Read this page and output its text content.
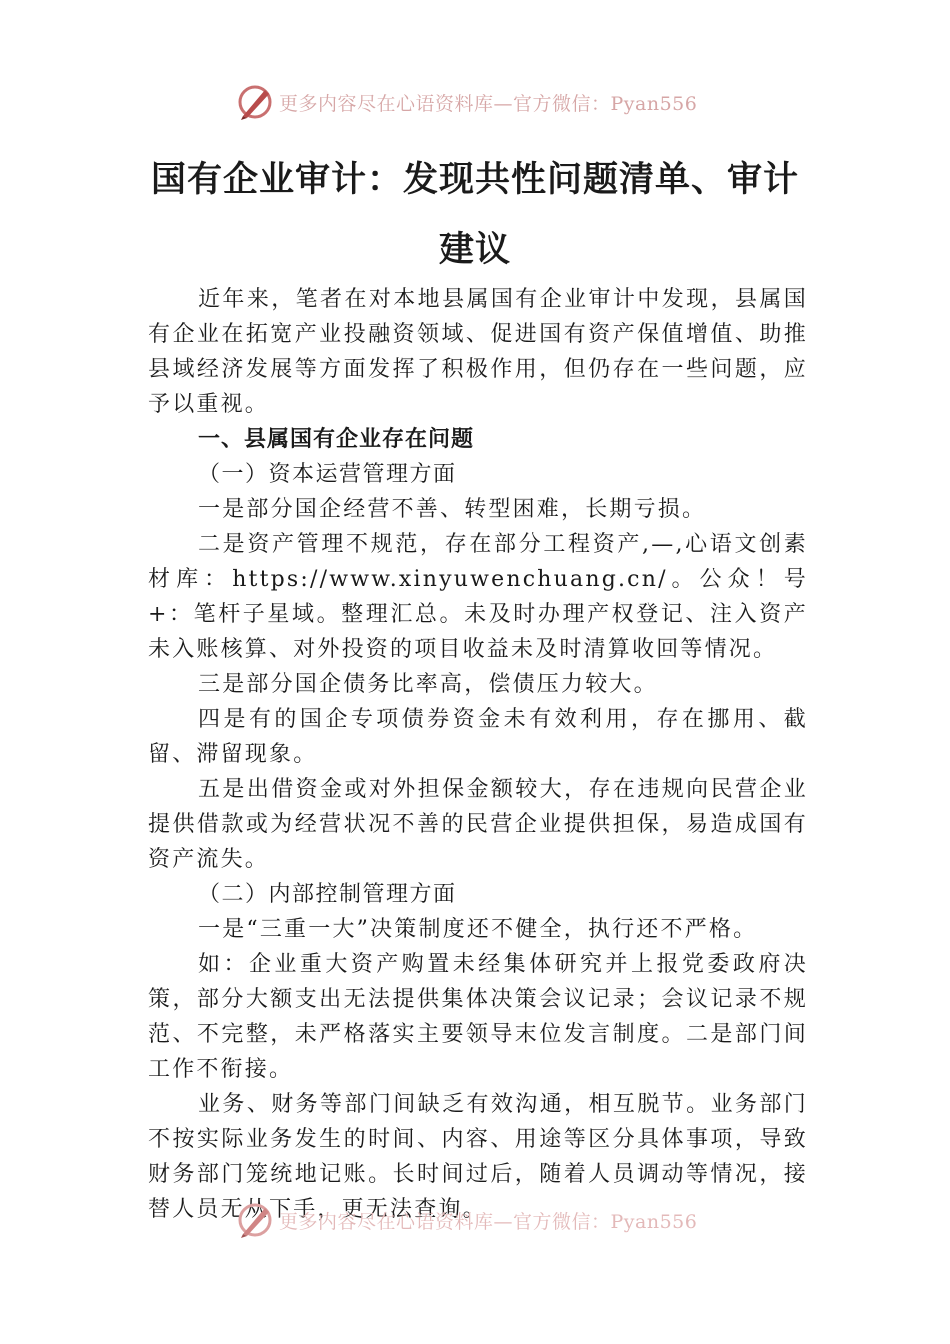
更多内容尽在心语资料库—官方微信：Pyan556
国有企业审计：发现共性问题清单、审计
建议

近年来，笔者在对本地县属国有企业审计中发现，县属国有企业在拓宽产业投融资领域、促进国有资产保值增值、助推县域经济发展等方面发挥了积极作用，但仍存在一些问题，应予以重视。

一、县属国有企业存在问题

（一）资本运营管理方面

一是部分国企经营不善、转型困难，长期亏损。

二是资产管理不规范，存在部分工程资产,—,心语文创素材库：https://www.xinyuwenchuang.cn/。公众！号+：笔杆子星域。整理汇总。未及时办理产权登记、注入资产未入账核算、对外投资的项目收益未及时清算收回等情况。

三是部分国企债务比率高，偿债压力较大。

四是有的国企专项债券资金未有效利用，存在挪用、截留、滞留现象。

五是出借资金或对外担保金额较大，存在违规向民营企业提供借款或为经营状况不善的民营企业提供担保，易造成国有资产流失。

（二）内部控制管理方面

一是“三重一大”决策制度还不健全，执行还不严格。

如：企业重大资产购置未经集体研究并上报党委政府决策，部分大额支出无法提供集体决策会议记录；会议记录不规范、不完整，未严格落实主要领导末位发言制度。二是部门间工作不衔接。

业务、财务等部门间缺乏有效沟通，相互脱节。业务部门不按实际业务发生的时间、内容、用途等区分具体事项，导致财务部门笼统地记账。长时间过后，随着人员调动等情况，接替人员无从下手，更无法查询。

更多内容尽在心语资料库—官方微信：Pyan556
